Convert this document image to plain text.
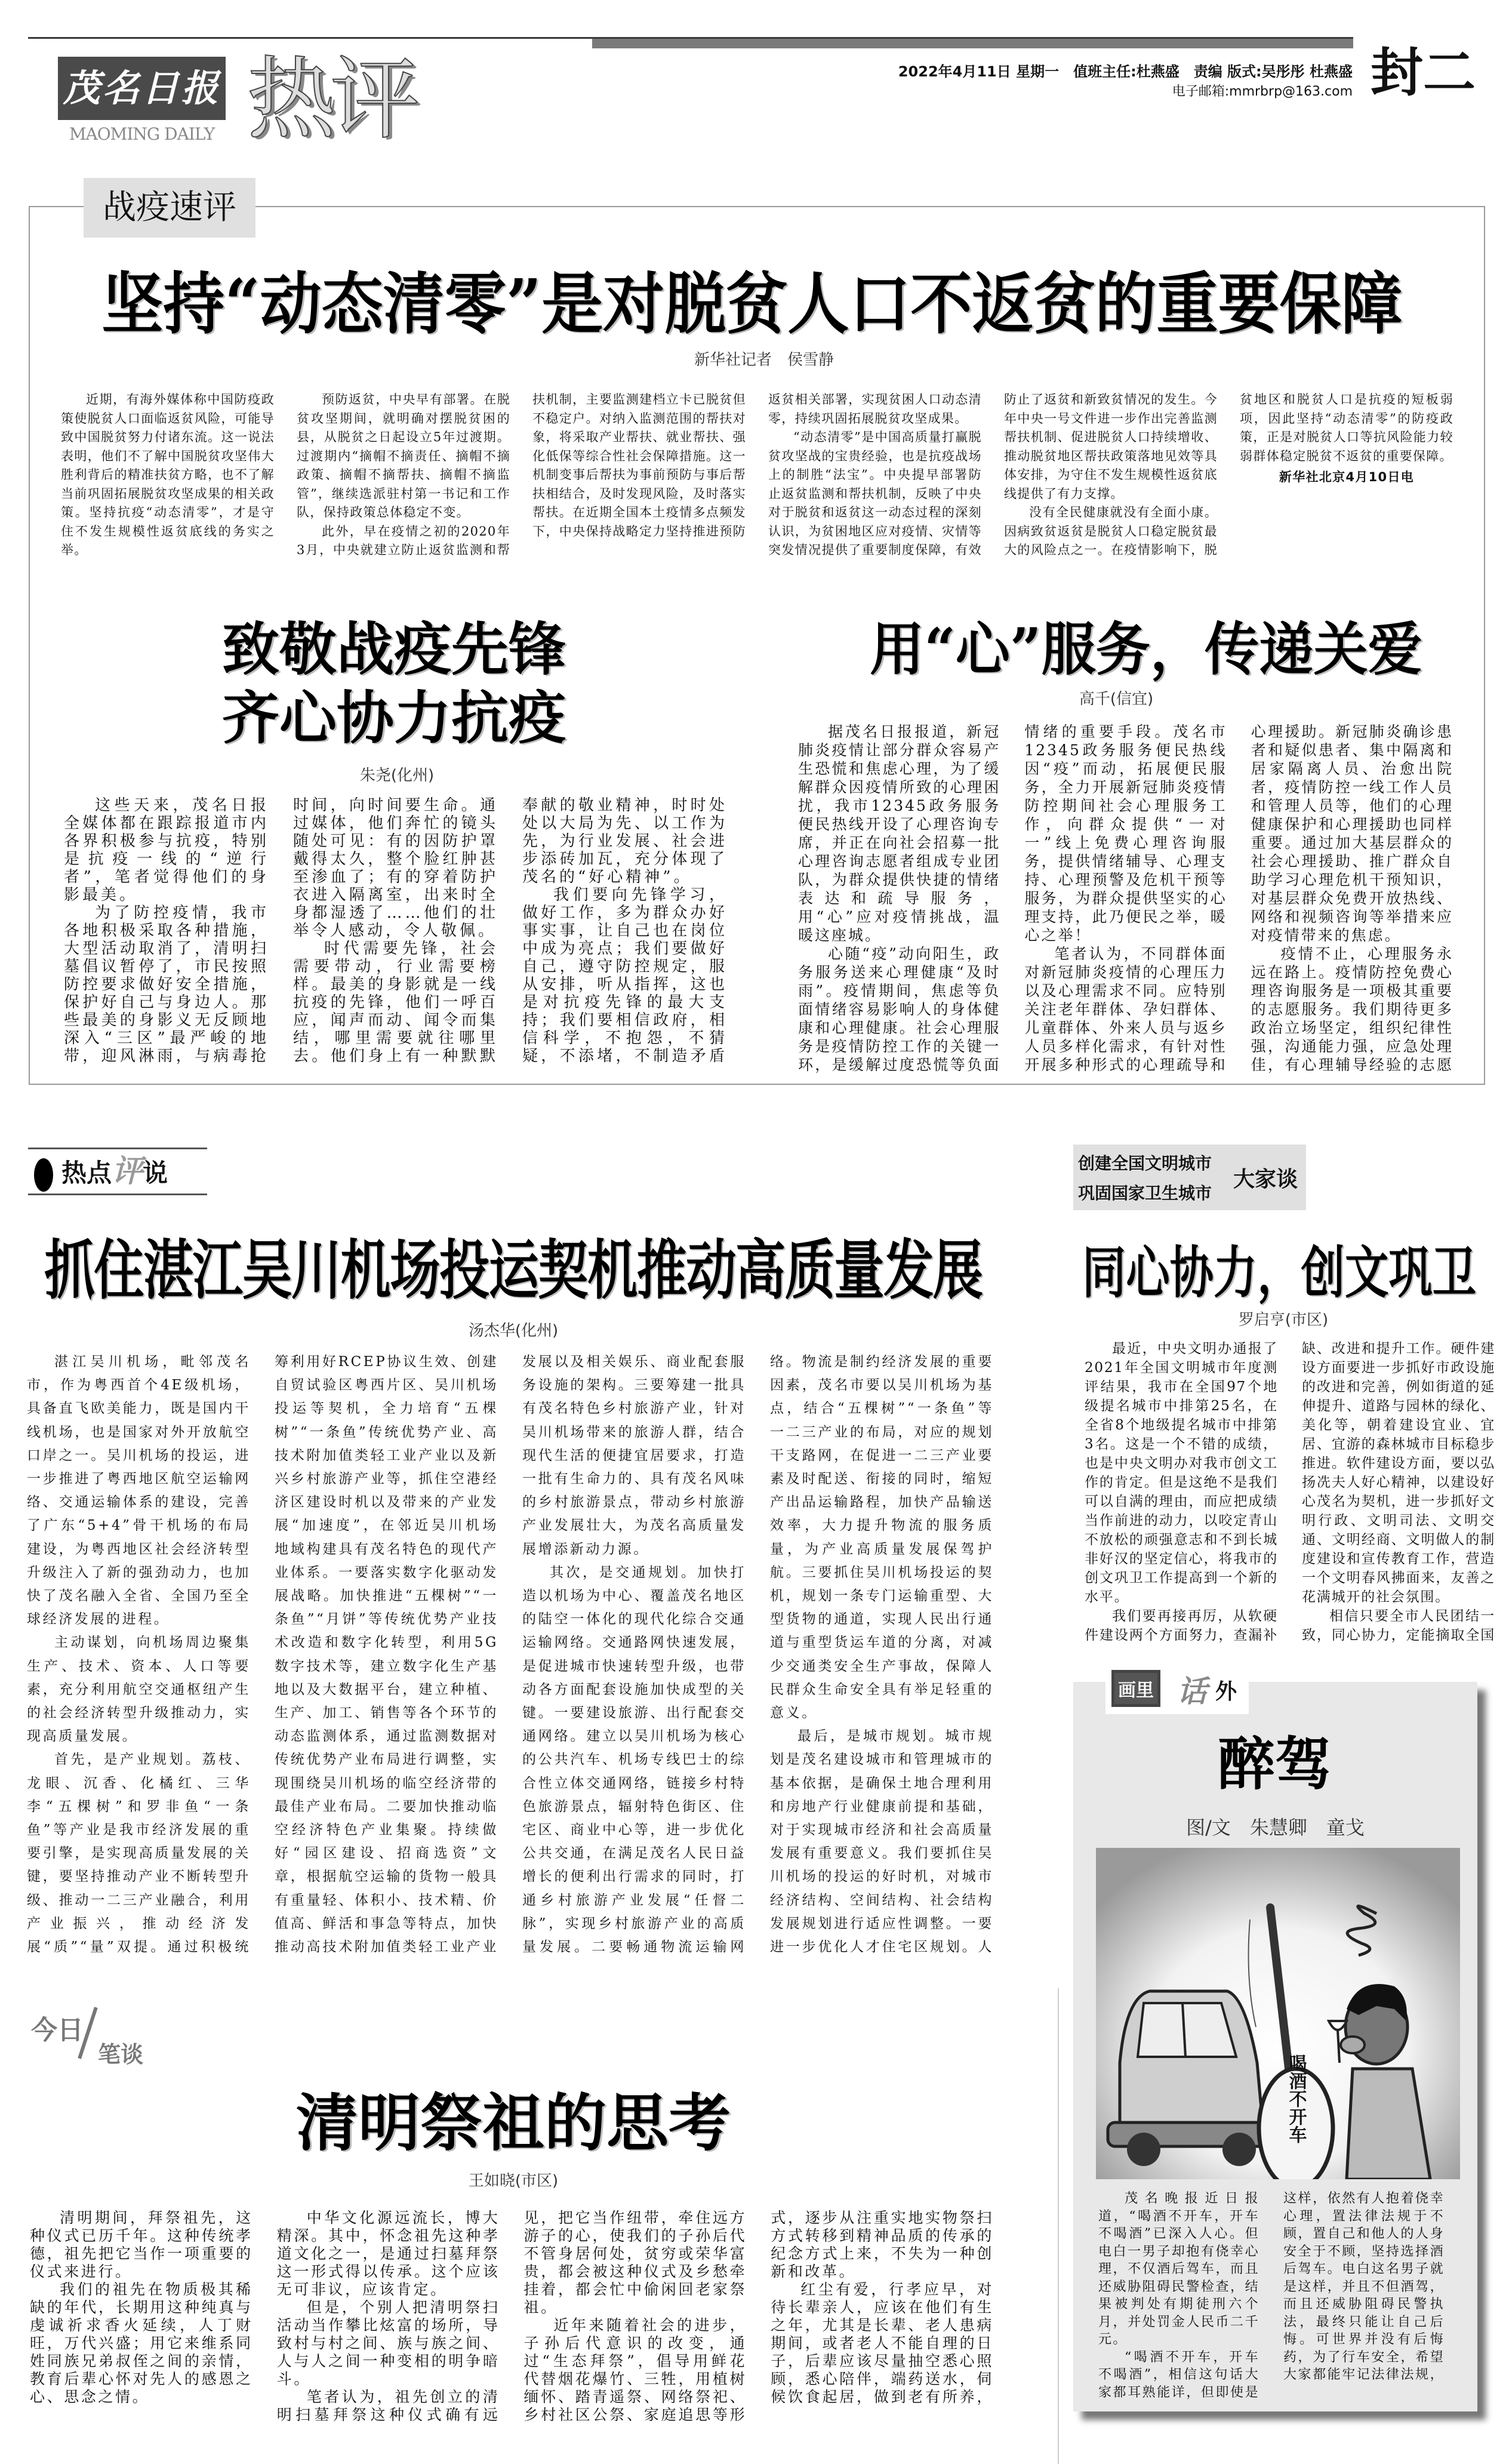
茂名日报
MAOMING DAILY 热评	2022年4月11日 星期一　值班主任:杜燕盛　责编 版式:吴彤彤 杜燕盛
电子邮箱:mmrbrp@163.com 封二
战疫速评
坚持“动态清零”是对脱贫人口不返贫的重要保障
新华社记者　侯雪静

近期，有海外媒体称中国防疫政策使脱贫人口面临返贫风险，可能导致中国脱贫努力付诸东流。这一说法表明，他们不了解中国脱贫攻坚伟大胜利背后的精准扶贫方略，也不了解当前巩固拓展脱贫攻坚成果的相关政策。坚持抗疫“动态清零”，才是守住不发生规模性返贫底线的务实之举。

预防返贫，中央早有部署。在脱贫攻坚期间，就明确对摆脱贫困的县，从脱贫之日起设立5年过渡期。过渡期内“摘帽不摘责任、摘帽不摘政策、摘帽不摘帮扶、摘帽不摘监管”，继续选派驻村第一书记和工作队，保持政策总体稳定不变。

此外，早在疫情之初的2020年3月，中央就建立防止返贫监测和帮扶机制，主要监测建档立卡已脱贫但不稳定户。对纳入监测范围的帮扶对象，将采取产业帮扶、就业帮扶、强化低保等综合性社会保障措施。这一机制变事后帮扶为事前预防与事后帮扶相结合，及时发现风险，及时落实帮扶。在近期全国本土疫情多点频发下，中央保持战略定力坚持推进预防返贫相关部署，实现贫困人口动态清零，持续巩固拓展脱贫攻坚成果。

“动态清零”是中国高质量打赢脱贫攻坚战的宝贵经验，也是抗疫战场上的制胜“法宝”。中央提早部署防止返贫监测和帮扶机制，反映了中央对于脱贫和返贫这一动态过程的深刻认识，为贫困地区应对疫情、灾情等突发情况提供了重要制度保障，有效防止了返贫和新致贫情况的发生。今年中央一号文件进一步作出完善监测帮扶机制、促进脱贫人口持续增收、推动脱贫地区帮扶政策落地见效等具体安排，为守住不发生规模性返贫底线提供了有力支撑。

没有全民健康就没有全面小康。因病致贫返贫是脱贫人口稳定脱贫最大的风险点之一。在疫情影响下，脱贫地区和脱贫人口是抗疫的短板弱项，因此坚持“动态清零”的防疫政策，正是对脱贫人口等抗风险能力较弱群体稳定脱贫不返贫的重要保障。

新华社北京4月10日电

致敬战疫先锋
齐心协力抗疫
朱尧(化州)

这些天来，茂名日报全媒体都在跟踪报道市内各界积极参与抗疫，特别是抗疫一线的“逆行者”，笔者觉得他们的身影最美。

为了防控疫情，我市各地积极采取各种措施，大型活动取消了，清明扫墓倡议暂停了，市民按照防控要求做好安全措施，保护好自己与身边人。那些最美的身影义无反顾地深入“三区”最严峻的地带，迎风淋雨，与病毒抢时间，向时间要生命。通过媒体，他们奔忙的镜头随处可见：有的因防护罩戴得太久，整个脸红肿甚至渗血了；有的穿着防护衣进入隔离室，出来时全身都湿透了……他们的壮举令人感动，令人敬佩。

时代需要先锋，社会需要带动，行业需要榜样。最美的身影就是一线抗疫的先锋，他们一呼百应，闻声而动、闻令而集结，哪里需要就往哪里去。他们身上有一种默默奉献的敬业精神，时时处处以大局为先、以工作为先，为行业发展、社会进步添砖加瓦，充分体现了茂名的“好心精神”。

我们要向先锋学习，做好工作，多为群众办好事实事，让自己也在岗位中成为亮点；我们要做好自己，遵守防控规定，服从安排，听从指挥，这也是对抗疫先锋的最大支持；我们要相信政府，相信科学，不抱怨，不猜疑，不添堵，不制造矛盾

用“心”服务，传递关爱
高千(信宜)

据茂名日报报道，新冠肺炎疫情让部分群众容易产生恐慌和焦虑心理，为了缓解群众因疫情所致的心理困扰，我市12345政务服务便民热线开设了心理咨询专席，并正在向社会招募一批心理咨询志愿者组成专业团队，为群众提供快捷的情绪表达和疏导服务，用“心”应对疫情挑战，温暖这座城。

心随“疫”动向阳生，政务服务送来心理健康“及时雨”。疫情期间，焦虑等负面情绪容易影响人的身体健康和心理健康。社会心理服务是疫情防控工作的关键一环，是缓解过度恐慌等负面情绪的重要手段。茂名市12345政务服务便民热线因“疫”而动，拓展便民服务，全力开展新冠肺炎疫情防控期间社会心理服务工作，向群众提供“一对一”线上免费心理咨询服务，提供情绪辅导、心理支持、心理预警及危机干预等服务，为群众提供坚实的心理支持，此乃便民之举，暖心之举！

笔者认为，不同群体面对新冠肺炎疫情的心理压力以及心理需求不同。应特别关注老年群体、孕妇群体、儿童群体、外来人员与返乡人员多样化需求，有针对性开展多种形式的心理疏导和心理援助。新冠肺炎确诊患者和疑似患者、集中隔离和居家隔离人员、治愈出院者，疫情防控一线工作人员和管理人员等，他们的心理健康保护和心理援助也同样重要。通过加大基层群众的社会心理援助、推广群众自助学习心理危机干预知识，对基层群众免费开放热线、网络和视频咨询等举措来应对疫情带来的焦虑。

疫情不止，心理服务永远在路上。疫情防控免费心理咨询服务是一项极其重要的志愿服务。我们期待更多政治立场坚定，组织纪律性强，沟通能力强，应急处理佳，有心理辅导经验的志愿

热点评说
抓住湛江吴川机场投运契机推动高质量发展
汤杰华(化州)

湛江吴川机场，毗邻茂名市，作为粤西首个4E级机场，具备直飞欧美能力，既是国内干线机场，也是国家对外开放航空口岸之一。吴川机场的投运，进一步推进了粤西地区航空运输网络、交通运输体系的建设，完善了广东“5+4”骨干机场的布局建设，为粤西地区社会经济转型升级注入了新的强劲动力，也加快了茂名融入全省、全国乃至全球经济发展的进程。

主动谋划，向机场周边聚集生产、技术、资本、人口等要素，充分利用航空交通枢纽产生的社会经济转型升级推动力，实现高质量发展。

首先，是产业规划。荔枝、龙眼、沉香、化橘红、三华李“五棵树”和罗非鱼“一条鱼”等产业是我市经济发展的重要引擎，是实现高质量发展的关键，要坚持推动产业不断转型升级、推动一二三产业融合，利用产业振兴，推动经济发展“质”“量”双提。通过积极统筹利用好RCEP协议生效、创建自贸试验区粤西片区、吴川机场投运等契机，全力培育“五棵树”“一条鱼”传统优势产业、高技术附加值类轻工业产业以及新兴乡村旅游产业等，抓住空港经济区建设时机以及带来的产业发展“加速度”，在邻近吴川机场地域构建具有茂名特色的现代产业体系。一要落实数字化驱动发展战略。加快推进“五棵树”“一条鱼”“月饼”等传统优势产业技术改造和数字化转型，利用5G数字技术等，建立数字化生产基地以及大数据平台，建立种植、生产、加工、销售等各个环节的动态监测体系，通过监测数据对传统优势产业布局进行调整，实现围绕吴川机场的临空经济带的最佳产业布局。二要加快推动临空经济特色产业集聚。持续做好“园区建设、招商选资”文章，根据航空运输的货物一般具有重量轻、体积小、技术精、价值高、鲜活和事急等特点，加快推动高技术附加值类轻工业产业发展以及相关娱乐、商业配套服务设施的架构。三要筹建一批具有茂名特色乡村旅游产业，针对吴川机场带来的旅游人群，结合现代生活的便捷宜居要求，打造一批有生命力的、具有茂名风味的乡村旅游景点，带动乡村旅游产业发展壮大，为茂名高质量发展增添新动力源。

其次，是交通规划。加快打造以机场为中心、覆盖茂名地区的陆空一体化的现代化综合交通运输网络。交通路网快速发展，是促进城市快速转型升级，也带动各方面配套设施加快成型的关键。一要建设旅游、出行配套交通网络。建立以吴川机场为核心的公共汽车、机场专线巴士的综合性立体交通网络，链接乡村特色旅游景点，辐射特色街区、住宅区、商业中心等，进一步优化公共交通，在满足茂名人民日益增长的便利出行需求的同时，打通乡村旅游产业发展“任督二脉”，实现乡村旅游产业的高质量发展。二要畅通物流运输网络。物流是制约经济发展的重要因素，茂名市要以吴川机场为基点，结合“五棵树”“一条鱼”等一二三产业的布局，对应的规划干支路网，在促进一二三产业要素及时配送、衔接的同时，缩短产出品运输路程，加快产品输送效率，大力提升物流的服务质量，为产业高质量发展保驾护航。三要抓住吴川机场投运的契机，规划一条专门运输重型、大型货物的通道，实现人民出行通道与重型货运车道的分离，对减少交通类安全生产事故，保障人民群众生命安全具有举足轻重的意义。

最后，是城市规划。城市规划是茂名建设城市和管理城市的基本依据，是确保土地合理利用和房地产行业健康前提和基础，对于实现城市经济和社会高质量发展有重要意义。我们要抓住吴川机场的投运的好时机，对城市经济结构、空间结构、社会结构发展规划进行适应性调整。一要进一步优化人才住宅区规划。人

创建全国文明城市
巩固国家卫生城市
大家谈
同心协力，创文巩卫
罗启亨(市区)

最近，中央文明办通报了2021年全国文明城市年度测评结果，我市在全国97个地级提名城市中排第25名，在全省8个地级提名城市中排第3名。这是一个不错的成绩，也是中央文明办对我市创文工作的肯定。但是这绝不是我们可以自满的理由，而应把成绩当作前进的动力，以咬定青山不放松的顽强意志和不到长城非好汉的坚定信心，将我市的创文巩卫工作提高到一个新的水平。

我们要再接再厉，从软硬件建设两个方面努力，查漏补缺、改进和提升工作。硬件建设方面要进一步抓好市政设施的改进和完善，例如街道的延伸提升、道路与园林的绿化、美化等，朝着建设宜业、宜居、宜游的森林城市目标稳步推进。软件建设方面，要以弘扬冼夫人好心精神，以建设好心茂名为契机，进一步抓好文明行政、文明司法、文明交通、文明经商、文明做人的制度建设和宣传教育工作，营造一个文明春风拂面来，友善之花满城开的社会氛围。

相信只要全市人民团结一致，同心协力，定能摘取全国

画里 话 外
醉驾
图/文　朱慧卿　童戈
喝酒不开车

茂名晚报近日报道，“喝酒不开车，开车不喝酒”已深入人心。但电白一男子却抱有侥幸心理，不仅酒后驾车，而且还威胁阻碍民警检查，结果被判处有期徒刑六个月，并处罚金人民币二千元。

“喝酒不开车，开车不喝酒”，相信这句话大家都耳熟能详，但即使是这样，依然有人抱着侥幸心理，置法律法规于不顾，置自己和他人的人身安全于不顾，坚持选择酒后驾车。电白这名男子就是这样，并且不但酒驾，而且还威胁阻碍民警执法，最终只能让自己后悔。可世界并没有后悔药，为了行车安全，希望大家都能牢记法律法规，

今日
笔谈
清明祭祖的思考
王如晓(市区)

清明期间，拜祭祖先，这种仪式已历千年。这种传统孝德，祖先把它当作一项重要的仪式来进行。

我们的祖先在物质极其稀缺的年代，长期用这种纯真与虔诚祈求香火延续，人丁财旺，万代兴盛；用它来维系同姓同族兄弟叔侄之间的亲情，教育后辈心怀对先人的感恩之心、思念之情。

中华文化源远流长，博大精深。其中，怀念祖先这种孝道文化之一，是通过扫墓拜祭这一形式得以传承。这个应该无可非议，应该肯定。

但是，个别人把清明祭扫活动当作攀比炫富的场所，导致村与村之间、族与族之间、人与人之间一种变相的明争暗斗。

笔者认为，祖先创立的清明扫墓拜祭这种仪式确有远见，把它当作纽带，牵住远方游子的心，使我们的子孙后代不管身居何处，贫穷或荣华富贵，都会被这种仪式及乡愁牵挂着，都会忙中偷闲回老家祭祖。

近年来随着社会的进步，子孙后代意识的改变，通过“生态拜祭”，倡导用鲜花代替烟花爆竹、三牲，用植树缅怀、踏青遥祭、网络祭祀、乡村社区公祭、家庭追思等形式，逐步从注重实地实物祭扫方式转移到精神品质的传承的纪念方式上来，不失为一种创新和改革。

红尘有爱，行孝应早，对待长辈亲人，应该在他们有生之年，尤其是长辈、老人患病期间，或者老人不能自理的日子，后辈应该尽量抽空悉心照顾，悉心陪伴，端药送水，伺候饮食起居，做到老有所养，
